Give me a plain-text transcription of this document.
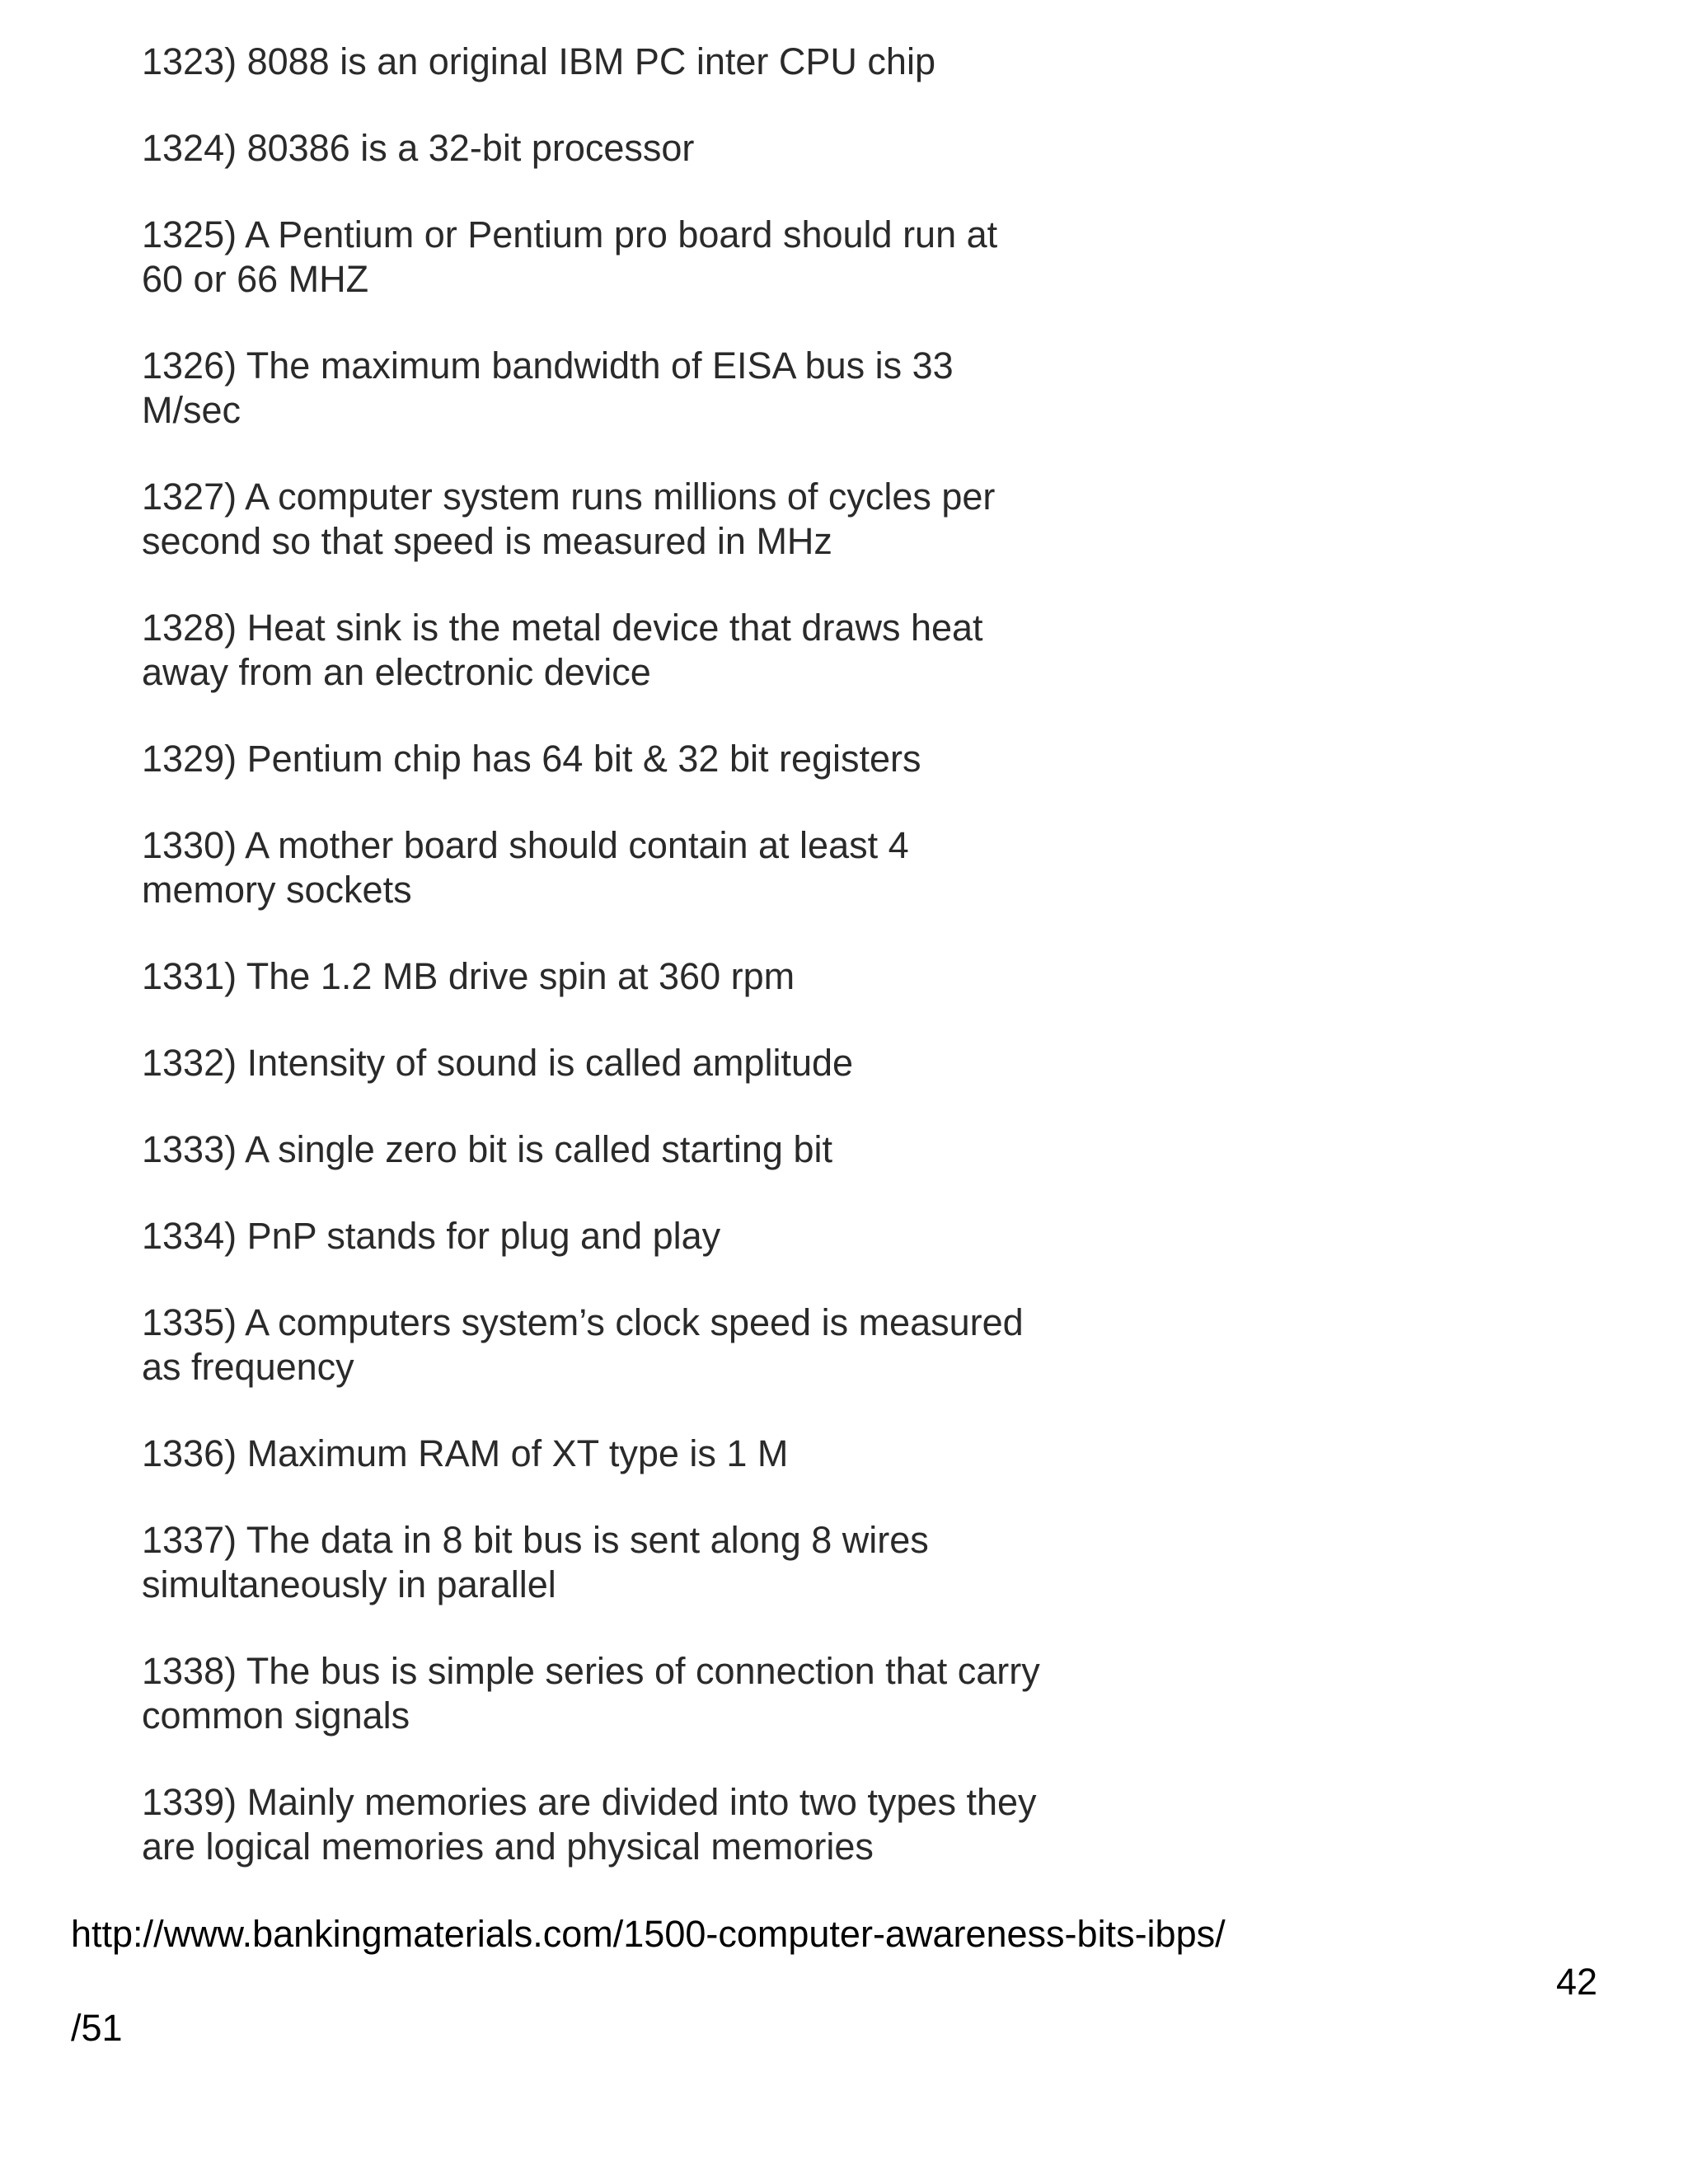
1323) 8088 is an original IBM PC inter CPU chip
1324) 80386 is a 32-bit processor
1325) A Pentium or Pentium pro board should run at
60 or 66 MHZ
1326) The maximum bandwidth of EISA bus is 33
M/sec
1327) A computer system runs millions of cycles per
second so that speed is measured in MHz
1328) Heat sink is the metal device that draws heat
away from an electronic device
1329) Pentium chip has 64 bit & 32 bit registers
1330) A mother board should contain at least 4
memory sockets
1331) The 1.2 MB drive spin at 360 rpm
1332) Intensity of sound is called amplitude
1333) A single zero bit is called starting bit
1334) PnP stands for plug and play
1335) A computers system’s clock speed is measured
as frequency
1336) Maximum RAM of XT type is 1 M
1337) The data in 8 bit bus is sent along 8 wires
simultaneously in parallel
1338) The bus is simple series of connection that carry
common signals
1339) Mainly memories are divided into two types they
are logical memories and physical memories
http://www.bankingmaterials.com/1500-computer-awareness-bits-ibps/
42
/51
